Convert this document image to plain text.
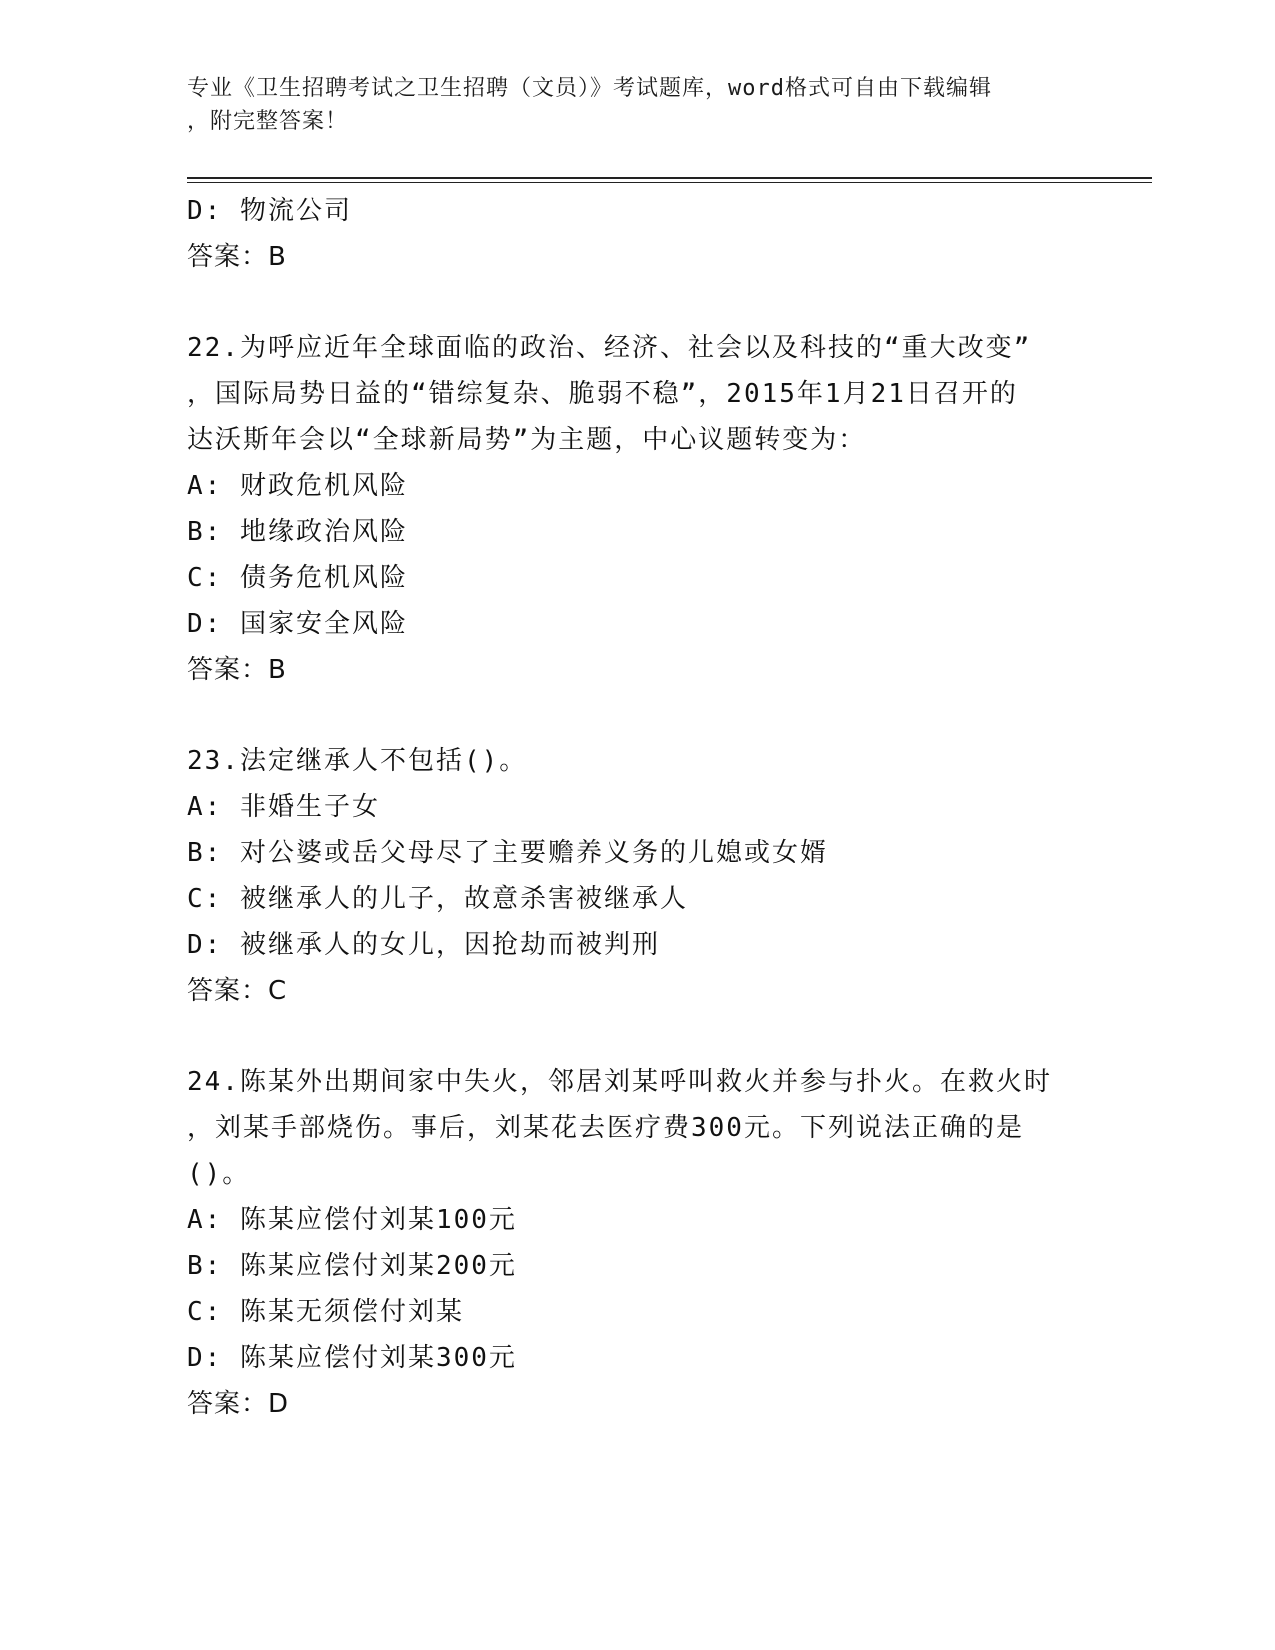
专业《卫生招聘考试之卫生招聘（文员）》考试题库，word格式可自由下载编辑
，附完整答案！
D: 物流公司
答案：B
22.为呼应近年全球面临的政治、经济、社会以及科技的“重大改变”
，国际局势日益的“错综复杂、脆弱不稳”，2015年1月21日召开的
达沃斯年会以“全球新局势”为主题，中心议题转变为：
A: 财政危机风险
B: 地缘政治风险
C: 债务危机风险
D: 国家安全风险
答案：B
23.法定继承人不包括()。
A: 非婚生子女
B: 对公婆或岳父母尽了主要赡养义务的儿媳或女婿
C: 被继承人的儿子，故意杀害被继承人
D: 被继承人的女儿，因抢劫而被判刑
答案：C
24.陈某外出期间家中失火，邻居刘某呼叫救火并参与扑火。在救火时
，刘某手部烧伤。事后，刘某花去医疗费300元。下列说法正确的是
()。
A: 陈某应偿付刘某100元
B: 陈某应偿付刘某200元
C: 陈某无须偿付刘某
D: 陈某应偿付刘某300元
答案：D
